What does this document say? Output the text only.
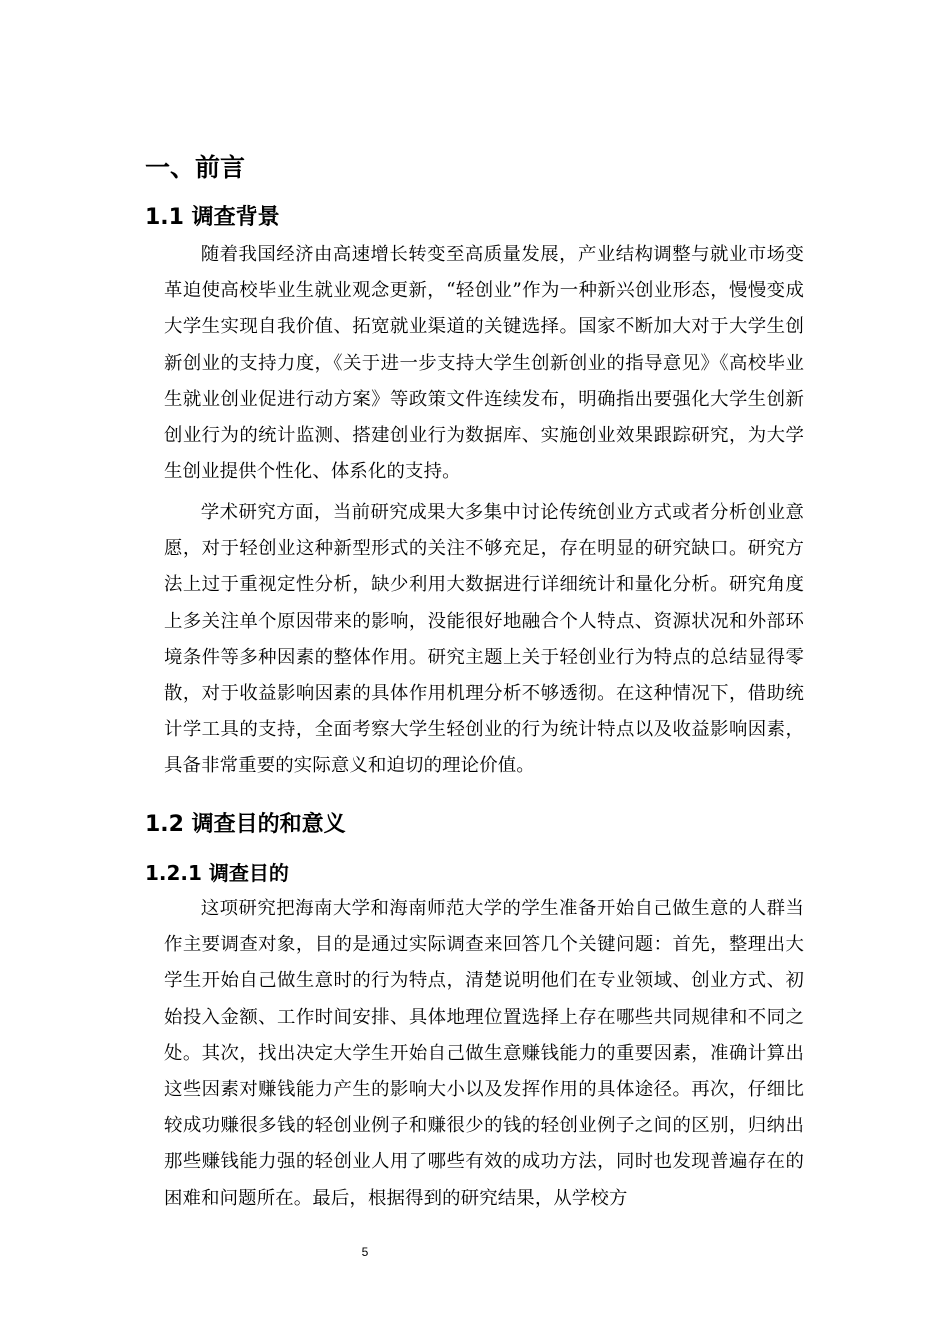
一、前言
1.1 调查背景

随着我国经济由高速增长转变至高质量发展，产业结构调整与就业市场变革迫使高校毕业生就业观念更新，“轻创业”作为一种新兴创业形态，慢慢变成大学生实现自我价值、拓宽就业渠道的关键选择。国家不断加大对于大学生创新创业的支持力度，《关于进一步支持大学生创新创业的指导意见》《高校毕业生就业创业促进行动方案》等政策文件连续发布，明确指出要强化大学生创新创业行为的统计监测、搭建创业行为数据库、实施创业效果跟踪研究，为大学生创业提供个性化、体系化的支持。

学术研究方面，当前研究成果大多集中讨论传统创业方式或者分析创业意愿，对于轻创业这种新型形式的关注不够充足，存在明显的研究缺口。研究方法上过于重视定性分析，缺少利用大数据进行详细统计和量化分析。研究角度上多关注单个原因带来的影响，没能很好地融合个人特点、资源状况和外部环境条件等多种因素的整体作用。研究主题上关于轻创业行为特点的总结显得零散，对于收益影响因素的具体作用机理分析不够透彻。在这种情况下，借助统计学工具的支持，全面考察大学生轻创业的行为统计特点以及收益影响因素，具备非常重要的实际意义和迫切的理论价值。

1.2 调查目的和意义
1.2.1 调查目的

这项研究把海南大学和海南师范大学的学生准备开始自己做生意的人群当作主要调查对象，目的是通过实际调查来回答几个关键问题：首先，整理出大学生开始自己做生意时的行为特点，清楚说明他们在专业领域、创业方式、初始投入金额、工作时间安排、具体地理位置选择上存在哪些共同规律和不同之处。其次，找出决定大学生开始自己做生意赚钱能力的重要因素，准确计算出这些因素对赚钱能力产生的影响大小以及发挥作用的具体途径。再次，仔细比较成功赚很多钱的轻创业例子和赚很少的钱的轻创业例子之间的区别，归纳出那些赚钱能力强的轻创业人用了哪些有效的成功方法，同时也发现普遍存在的困难和问题所在。最后，根据得到的研究结果，从学校方

5
